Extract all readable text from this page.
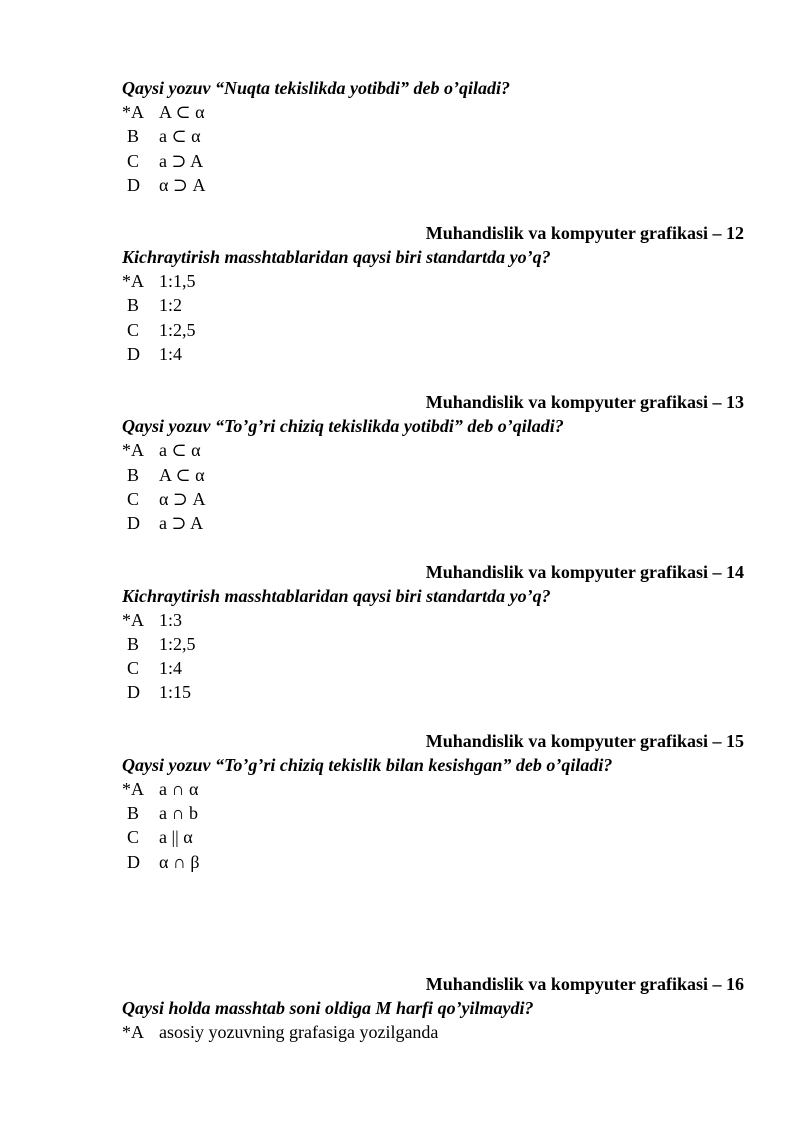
Qaysi yozuv “Nuqta tekislikda yotibdi” deb o’qiladi?
*A A ⊂ α
B a ⊂ α
C a ⊃ A
D α ⊃ A
Muhandislik va kompyuter grafikasi – 12
Kichraytirish masshtablaridan qaysi biri standartda yo’q?
*A 1:1,5
B 1:2
C 1:2,5
D 1:4
Muhandislik va kompyuter grafikasi – 13
Qaysi yozuv “To’g’ri chiziq tekislikda yotibdi” deb o’qiladi?
*A a ⊂ α
B A ⊂ α
C α ⊃ A
D a ⊃ A
Muhandislik va kompyuter grafikasi – 14
Kichraytirish masshtablaridan qaysi biri standartda yo’q?
*A 1:3
B 1:2,5
C 1:4
D 1:15
Muhandislik va kompyuter grafikasi – 15
Qaysi yozuv “To’g’ri chiziq tekislik bilan kesishgan” deb o’qiladi?
*A a ∩ α
B a ∩ b
C a || α
D α ∩ β
Muhandislik va kompyuter grafikasi – 16
Qaysi holda masshtab soni oldiga M harfi qo’yilmaydi?
*A asosiy yozuvning grafasiga yozilganda
